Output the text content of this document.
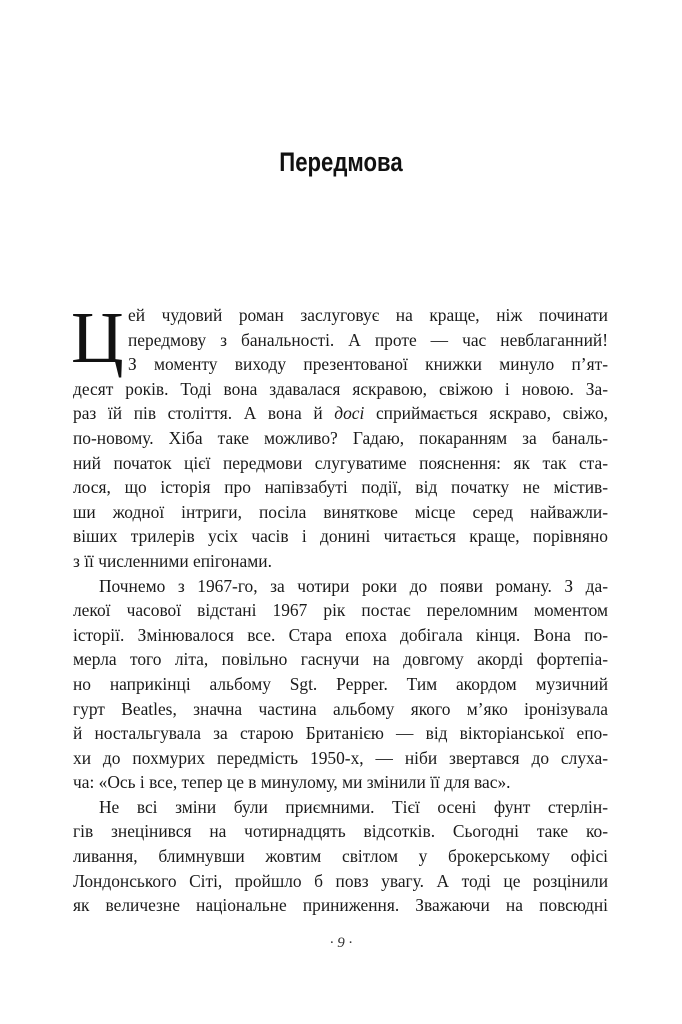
Передмова
Ц ей чудовий роман заслуговує на краще, ніж починати
передмову з банальності. А проте — час невблаганний!
З моменту виходу презентованої книжки минуло п’ят-
десят років. Тоді вона здавалася яскравою, свіжою і новою. За-
раз їй пів століття. А вона й досі сприймається яскраво, свіжо,
по-новому. Хіба таке можливо? Гадаю, покаранням за баналь-
ний початок цієї передмови слугуватиме пояснення: як так ста-
лося, що історія про напівзабуті події, від початку не містив-
ши жодної інтриги, посіла виняткове місце серед найважли-
віших трилерів усіх часів і донині читається краще, порівняно
з її численними епігонами.

Почнемо з 1967-го, за чотири роки до появи роману. З да-
лекої часової відстані 1967 рік постає переломним моментом
історії. Змінювалося все. Стара епоха добігала кінця. Вона по-
мерла того літа, повільно гаснучи на довгому акорді фортепіа-
но наприкінці альбому Sgt. Pepper. Тим акордом музичний
гурт Beatles, значна частина альбому якого м’яко іронізувала
й ностальгувала за старою Британією — від вікторіанської епо-
хи до похмурих передмість 1950-х, — ніби звертався до слуха-
ча: «Ось і все, тепер це в минулому, ми змінили її для вас».

Не всі зміни були приємними. Тієї осені фунт стерлін-
гів знецінився на чотирнадцять відсотків. Сьогодні таке ко-
ливання, блимнувши жовтим світлом у брокерському офісі
Лондонського Сіті, пройшло б повз увагу. А тоді це розцінили
як величезне національне приниження. Зважаючи на повсюдні

· 9 ·
